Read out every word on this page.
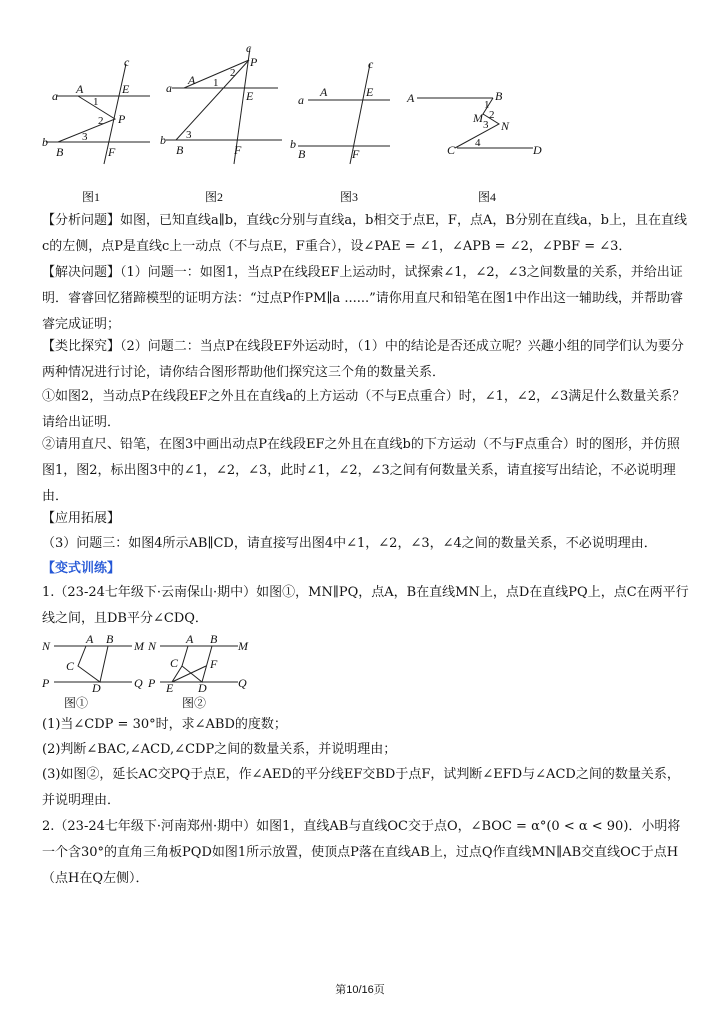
c
a
b
A	E
P
B	F
1
2
3
图1
c
P
a
A
E
b
B	F
1
2
3
图2
c
a
A	E
b
B	F
图3
A	B
M
N
C	D
1
2
3
4
图4
【分析问题】如图，已知直线a∥b，直线c分别与直线a，b相交于点E，F，点A，B分别在直线a，b上，且在直线c的左侧，点P是直线c上一动点（不与点E，F重合），设∠PAE = ∠1，∠APB = ∠2，∠PBF = ∠3．
【解决问题】（1）问题一：如图1，当点P在线段EF上运动时，试探索∠1，∠2，∠3之间数量的关系，并给出证明．睿睿回忆猪蹄模型的证明方法：“过点P作PM∥a ......”请你用直尺和铅笔在图1中作出这一辅助线，并帮助睿睿完成证明；
【类比探究】（2）问题二：当点P在线段EF外运动时，（1）中的结论是否还成立呢？兴趣小组的同学们认为要分两种情况进行讨论，请你结合图形帮助他们探究这三个角的数量关系．
①如图2，当动点P在线段EF之外且在直线a的上方运动（不与E点重合）时，∠1，∠2，∠3满足什么数量关系？请给出证明．
②请用直尺、铅笔，在图3中画出动点P在线段EF之外且在直线b的下方运动（不与F点重合）时的图形，并仿照图1，图2，标出图3中的∠1，∠2，∠3，此时∠1，∠2，∠3之间有何数量关系，请直接写出结论，不必说明理由．
【应用拓展】
（3）问题三：如图4所示AB∥CD，请直接写出图4中∠1，∠2，∠3，∠4之间的数量关系，不必说明理由．
【变式训练】
1.（23-24七年级下·云南保山·期中）如图①，MN∥PQ，点A，B在直线MN上，点D在直线PQ上，点C在两平行线之间，且DB平分∠CDQ．
N	A B M
C
P	D	Q
图①
N A B M
C	F
P E D	Q
图②
(1)当∠CDP = 30°时，求∠ABD的度数；
(2)判断∠BAC,∠ACD,∠CDP之间的数量关系，并说明理由；
(3)如图②，延长AC交PQ于点E，作∠AED的平分线EF交BD于点F，试判断∠EFD与∠ACD之间的数量关系，并说明理由．
2.（23-24七年级下·河南郑州·期中）如图1，直线AB与直线OC交于点O，∠BOC = α°(0 < α < 90)．小明将一个含30°的直角三角板PQD如图1所示放置，使顶点P落在直线AB上，过点Q作直线MN∥AB交直线OC于点H（点H在Q左侧）．
第10/16页
